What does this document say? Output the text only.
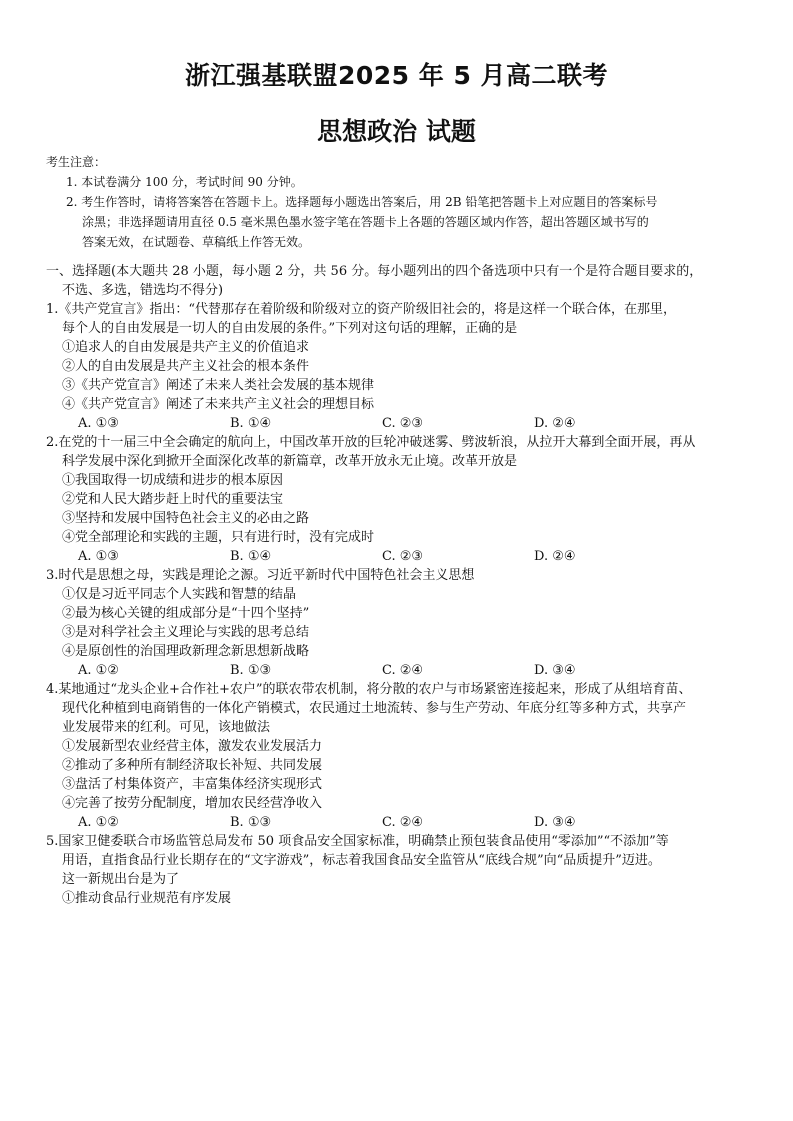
浙江强基联盟2025 年 5 月高二联考
思想政治 试题
考生注意：
1. 本试卷满分 100 分，考试时间 90 分钟。
2. 考生作答时，请将答案答在答题卡上。选择题每小题选出答案后，用 2B 铅笔把答题卡上对应题目的答案标号
涂黑；非选择题请用直径 0.5 毫米黑色墨水签字笔在答题卡上各题的答题区域内作答，超出答题区域书写的
答案无效，在试题卷、草稿纸上作答无效。
一、选择题(本大题共 28 小题，每小题 2 分，共 56 分。每小题列出的四个备选项中只有一个是符合题目要求的，
不选、多选，错选均不得分)
1.《共产党宣言》指出：“代替那存在着阶级和阶级对立的资产阶级旧社会的，将是这样一个联合体，在那里，
每个人的自由发展是一切人的自由发展的条件。”下列对这句话的理解，正确的是
①追求人的自由发展是共产主义的价值追求
②人的自由发展是共产主义社会的根本条件
③《共产党宣言》阐述了未来人类社会发展的基本规律
④《共产党宣言》阐述了未来共产主义社会的理想目标
A. ①③	B. ①④	C. ②③	D. ②④
2.在党的十一届三中全会确定的航向上，中国改革开放的巨轮冲破迷雾、劈波斩浪，从拉开大幕到全面开展，再从
科学发展中深化到掀开全面深化改革的新篇章，改革开放永无止境。改革开放是
①我国取得一切成绩和进步的根本原因
②党和人民大踏步赶上时代的重要法宝
③坚持和发展中国特色社会主义的必由之路
④党全部理论和实践的主题，只有进行时，没有完成时
A. ①③	B. ①④	C. ②③	D. ②④
3.时代是思想之母，实践是理论之源。习近平新时代中国特色社会主义思想
①仅是习近平同志个人实践和智慧的结晶
②最为核心关键的组成部分是“十四个坚持”
③是对科学社会主义理论与实践的思考总结
④是原创性的治国理政新理念新思想新战略
A. ①②	B. ①③	C. ②④	D. ③④
4.某地通过“龙头企业+合作社+农户”的联农带农机制，将分散的农户与市场紧密连接起来，形成了从组培育苗、
现代化种植到电商销售的一体化产销模式，农民通过土地流转、参与生产劳动、年底分红等多种方式，共享产
业发展带来的红利。可见，该地做法
①发展新型农业经营主体，激发农业发展活力
②推动了多种所有制经济取长补短、共同发展
③盘活了村集体资产，丰富集体经济实现形式
④完善了按劳分配制度，增加农民经营净收入
A. ①②	B. ①③	C. ②④	D. ③④
5.国家卫健委联合市场监管总局发布 50 项食品安全国家标准，明确禁止预包装食品使用“零添加”“不添加”等
用语，直指食品行业长期存在的“文字游戏”，标志着我国食品安全监管从“底线合规”向“品质提升”迈进。
这一新规出台是为了
①推动食品行业规范有序发展
